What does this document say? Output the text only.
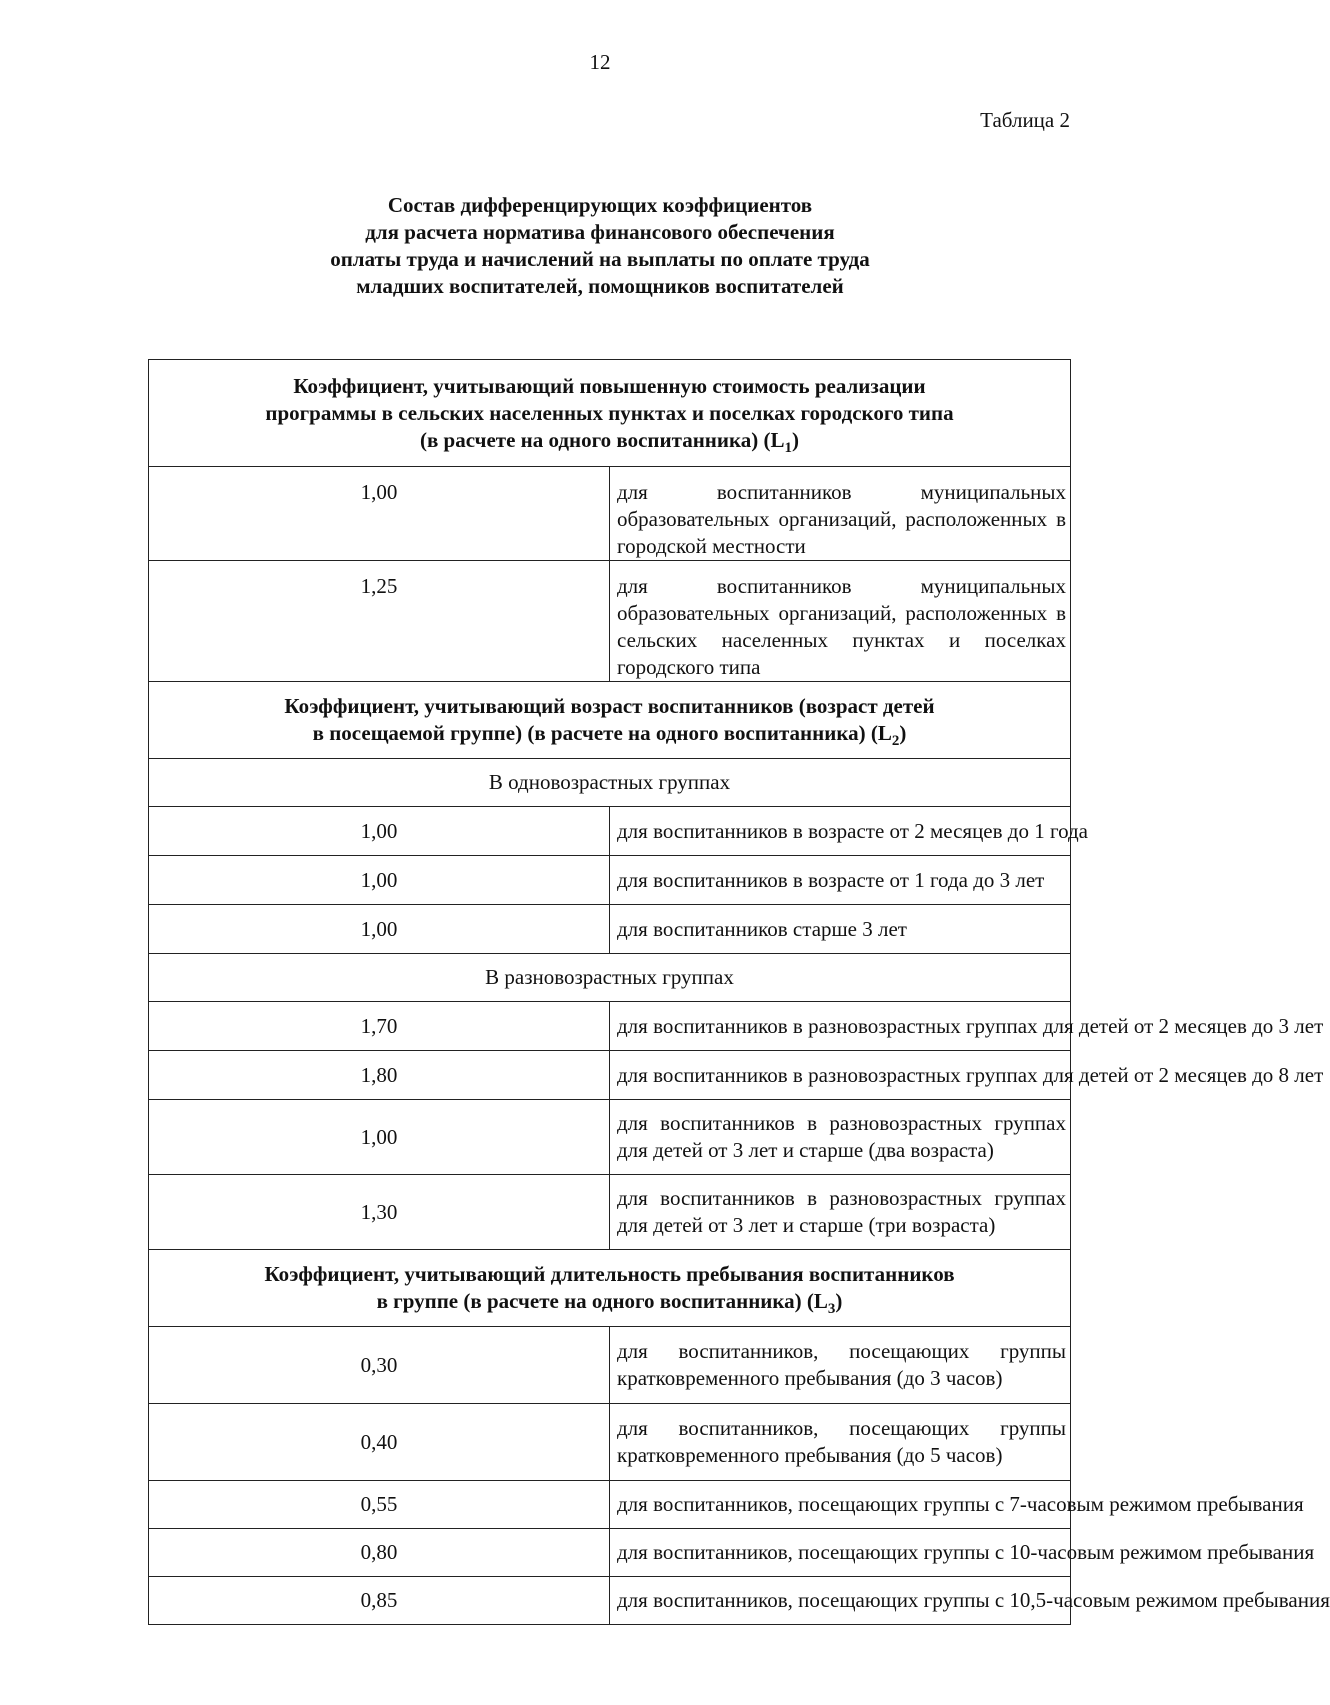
12
Таблица 2
Состав дифференцирующих коэффициентов
для расчета норматива финансового обеспечения
оплаты труда и начислений на выплаты по оплате труда
младших воспитателей, помощников воспитателей
Коэффициент, учитывающий повышенную стоимость реализации
программы в сельских населенных пунктах и поселках городского типа
(в расчете на одного воспитанника) $(L_1)$	

1,00	для воспитанников муниципальных образовательных организаций, расположенных в городской местности
1,25	для воспитанников муниципальных образовательных организаций, расположенных в сельских населенных пунктах и поселках городского типа

Коэффициент, учитывающий возраст воспитанников (возраст детей
в посещаемой группе) (в расчете на одного воспитанника) $(L_2)$	

В одновозрастных группах	
1,00	для воспитанников в возрасте от 2 месяцев до 1 года
1,00	для воспитанников в возрасте от 1 года до 3 лет
1,00	для воспитанников старше 3 лет
В разновозрастных группах	
1,70	для воспитанников в разновозрастных группах для детей от 2 месяцев до 3 лет
1,80	для воспитанников в разновозрастных группах для детей от 2 месяцев до 8 лет
1,00	для воспитанников в разновозрастных группах для детей от 3 лет и старше (два возраста)
1,30	для воспитанников в разновозрастных группах для детей от 3 лет и старше (три возраста)

Коэффициент, учитывающий длительность пребывания воспитанников
в группе (в расчете на одного воспитанника) $(L_3)$	

0,30	для воспитанников, посещающих группы кратковременного пребывания (до 3 часов)
0,40	для воспитанников, посещающих группы кратковременного пребывания (до 5 часов)
0,55	для воспитанников, посещающих группы с 7-часовым режимом пребывания
0,80	для воспитанников, посещающих группы с 10-часовым режимом пребывания
0,85	для воспитанников, посещающих группы с 10,5-часовым режимом пребывания
